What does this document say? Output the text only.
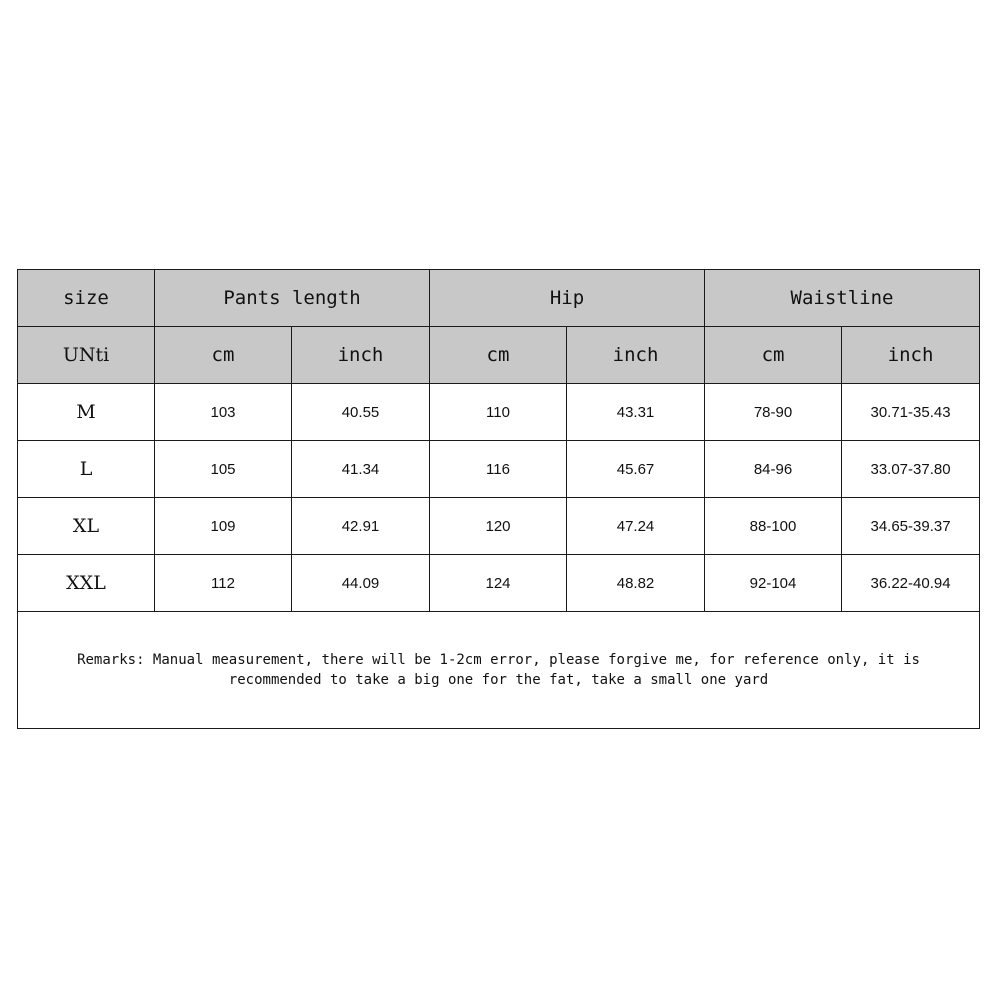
size	Pants length		Hip		Waistline	
UNti	cm	inch	cm	inch	cm	inch
M	103	40.55	110	43.31	78-90	30.71-35.43
L	105	41.34	116	45.67	84-96	33.07-37.80
XL	109	42.91	120	47.24	88-100	34.65-39.37
XXL	112	44.09	124	48.82	92-104	36.22-40.94

Remarks: Manual measurement, there will be 1-2cm error, please forgive me, for reference only, it is
recommended to take a big one for the fat, take a small one yard						
